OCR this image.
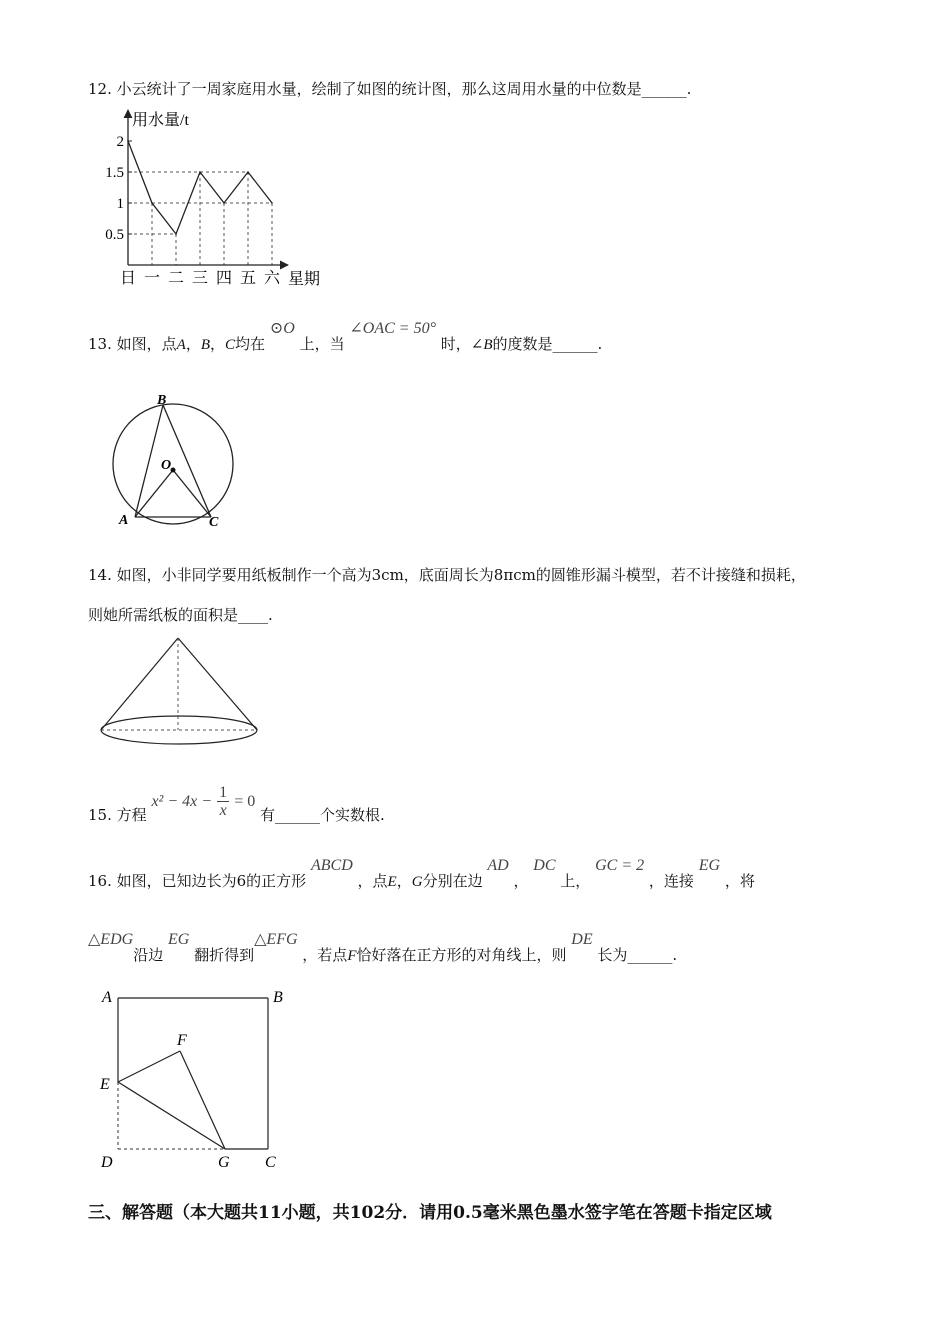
12. 小云统计了一周家庭用水量，绘制了如图的统计图，那么这周用水量的中位数是______.
用水量/t
星期
2
1.5
1
0.5
日 一 二 三 四 五 六
13. 如图，点A，B，C均在 ⊙O 上，当 ∠OAC = 50° 时，∠B的度数是______.
B
O
A	C
14. 如图，小非同学要用纸板制作一个高为3cm，底面周长为8πcm的圆锥形漏斗模型，若不计接缝和损耗，
则她所需纸板的面积是____.
15. 方程 $x^2 - 4x - \frac{1}{x} = 0$ 有______个实数根.
16. 如图，已知边长为6的正方形 ABCD ，点E，G分别在边 AD ， DC 上， GC = 2 ，连接 EG ，将
△EDG沿边 EG 翻折得到△EFG ，若点F恰好落在正方形的对角线上，则 DE 长为______.
A	B
E
F
D	G C
三、解答题（本大题共11小题，共102分．请用0.5毫米黑色墨水签字笔在答题卡指定区域
